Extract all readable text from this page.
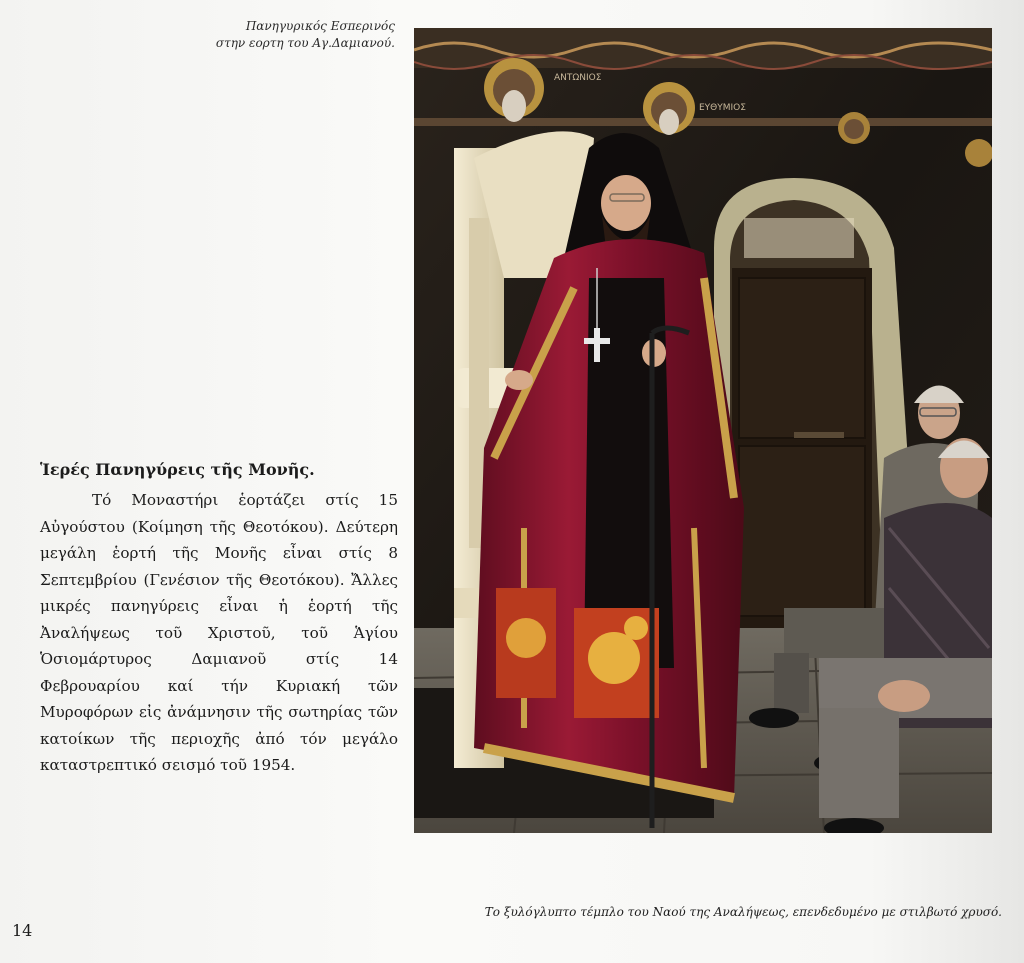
Πανηγυρικός Εσπερινός
στην εορτη του Αγ.Δαμιανού.
ΑΝΤΩΝΙΟΣ
ΕΥΘΥΜΙΟΣ
Ἱερές Πανηγύρεις τῆς Μονῆς.
Τό Μοναστήρι ἑορτάζει στίς 15 Αὐγούστου (Κοίμηση τῆς Θεοτόκου). Δεύτερη μεγάλη ἑορτή τῆς Μονῆς εἶναι στίς 8 Σεπτεμβρίου (Γενέσιον τῆς Θεοτόκου). Ἄλλες μικρές πανηγύρεις εἶναι ἡ ἑορτή τῆς Ἀναλήψεως τοῦ Χριστοῦ, τοῦ Ἁγίου Ὁσιομάρτυρος Δαμιανοῦ στίς 14 Φεβρουαρίου καί τήν Κυριακή τῶν Μυροφόρων εἰς ἀνάμνησιν τῆς σωτηρίας τῶν κατοίκων τῆς περιοχῆς ἀπό τόν μεγάλο καταστρεπτικό σεισμό τοῦ 1954.
Το ξυλόγλυπτο τέμπλο του Ναού της Αναλήψεως, επενδεδυμένο με στιλβωτό χρυσό.
14
